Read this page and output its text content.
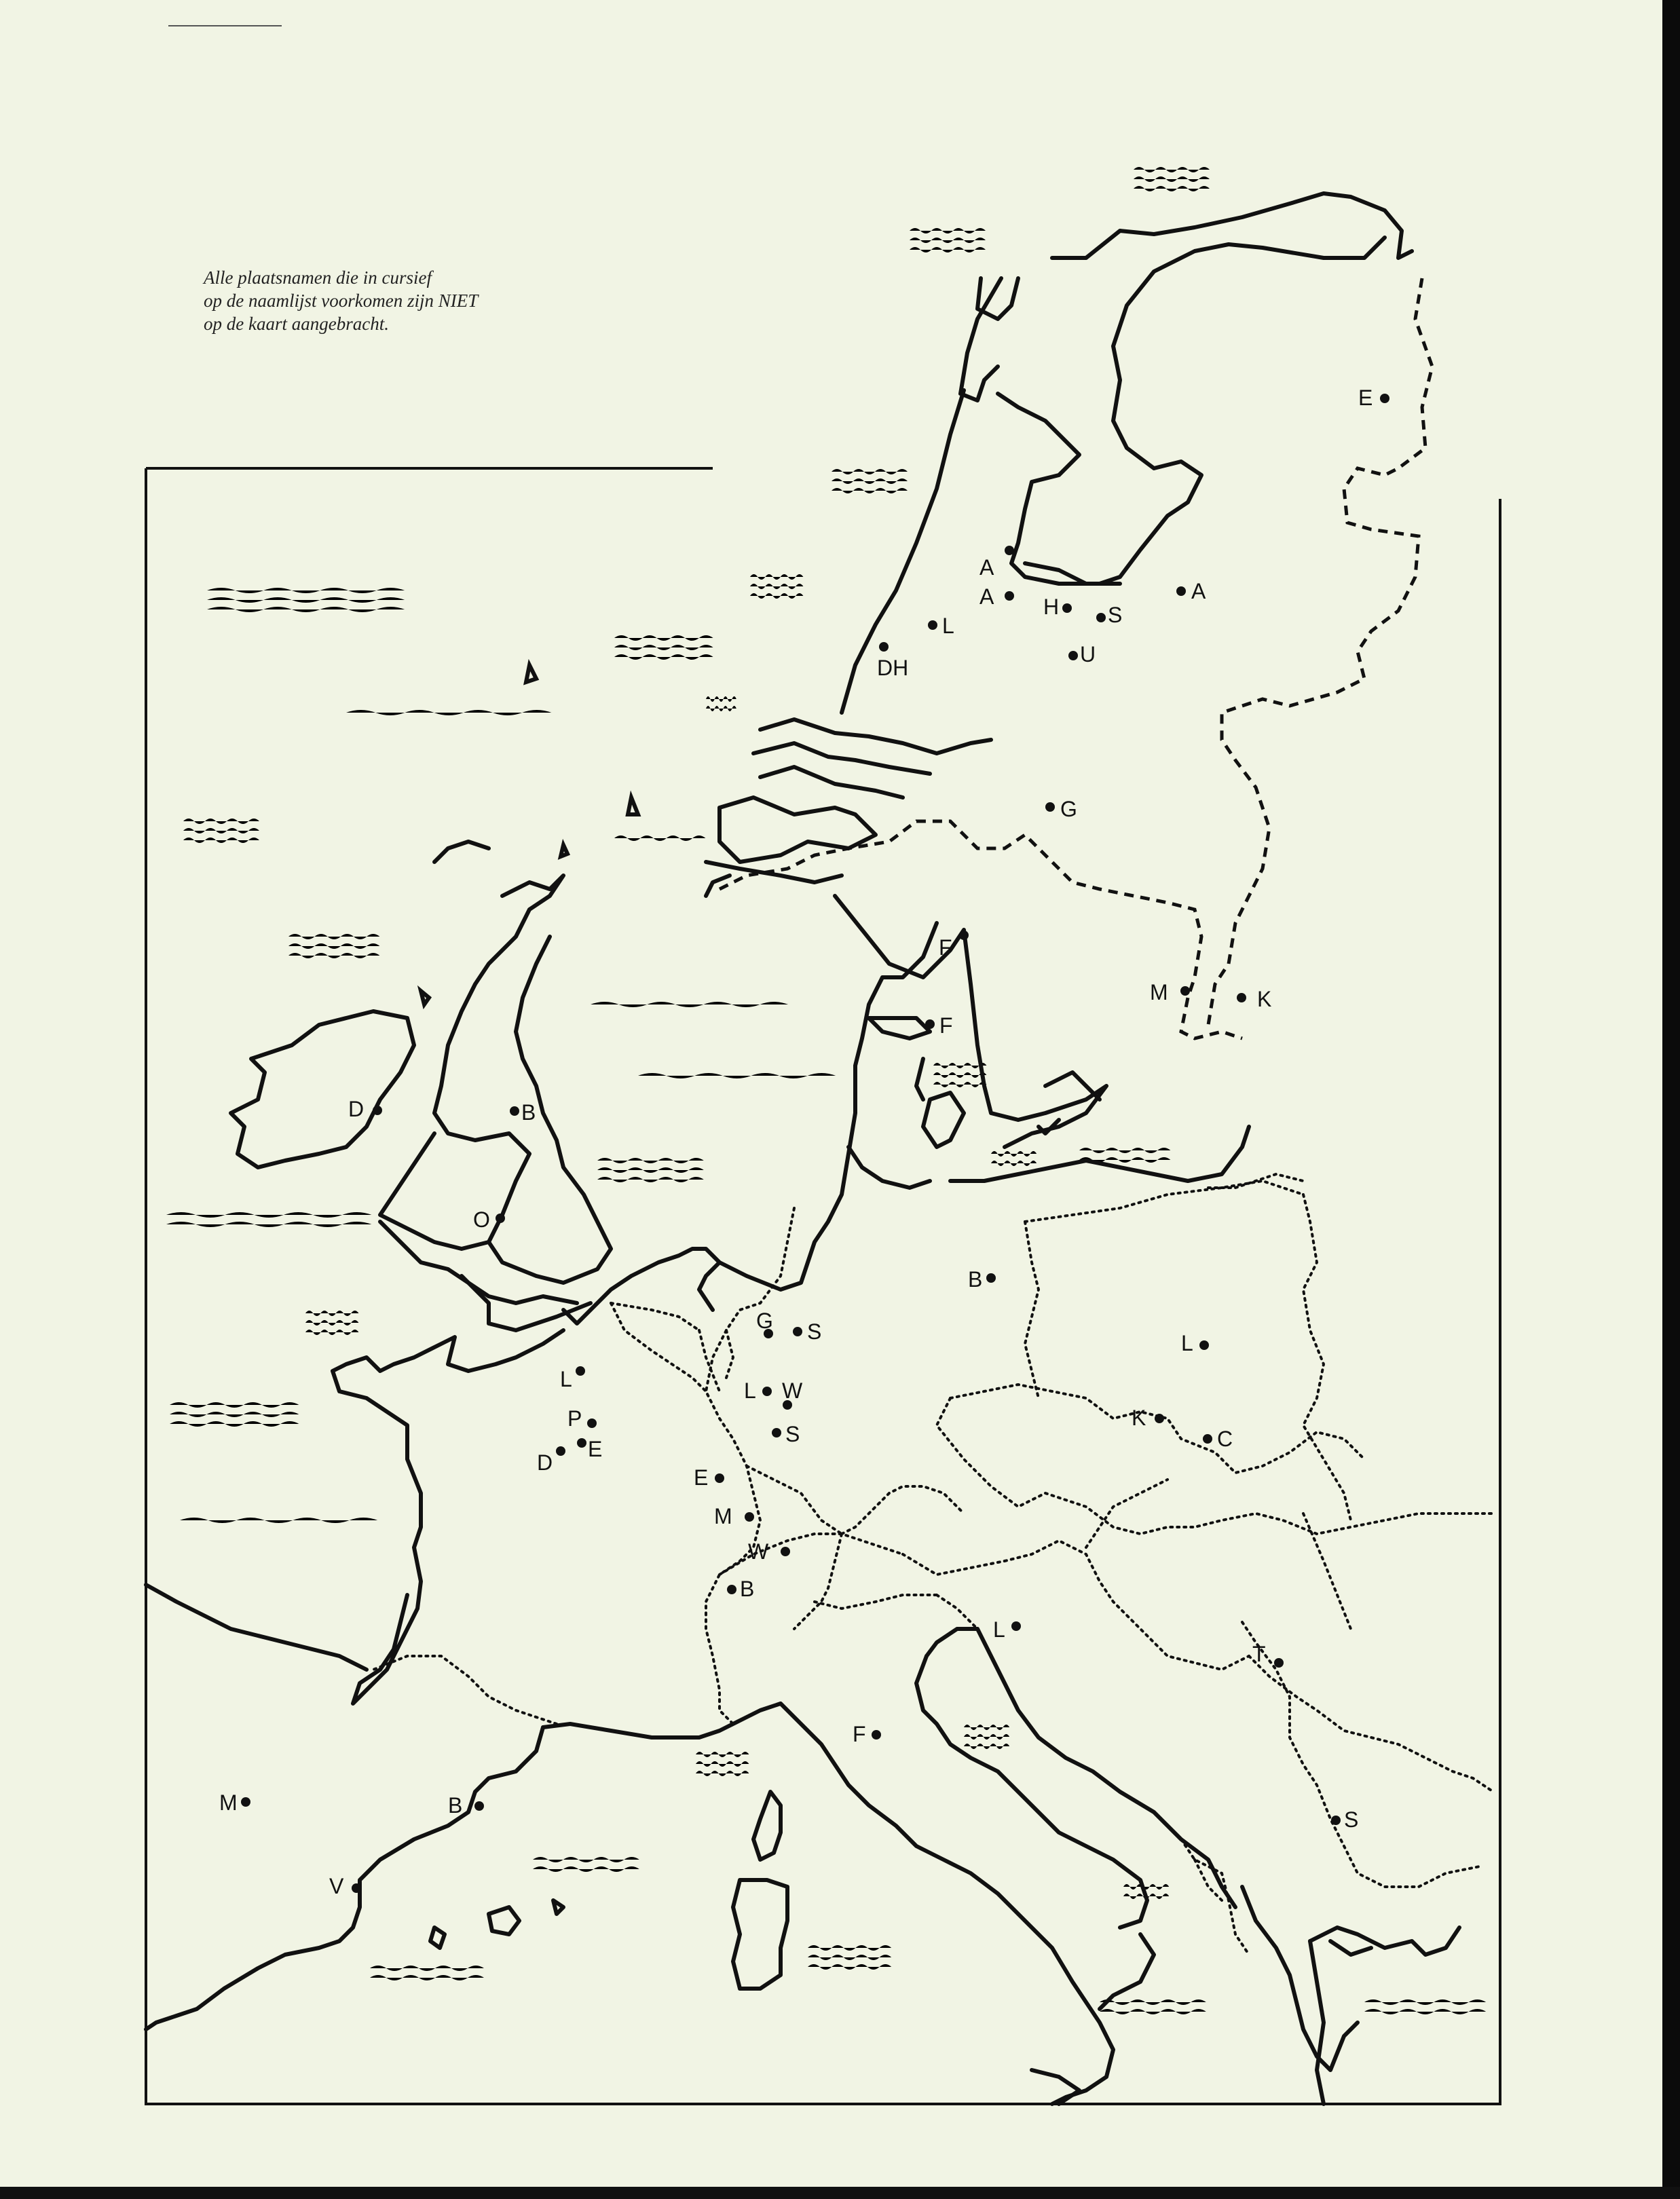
Alle plaatsnamen die in cursief
op de naamlijst voorkomen zijn NIET
op de kaart aangebracht.
A
A	A
L
DH
H S
U
E
G
M	K
F
F
B
O
D
L
P
E
D
G S
L W
S
E
M
B
L
K
C
W
B
L
F
T
S
M	B
V
